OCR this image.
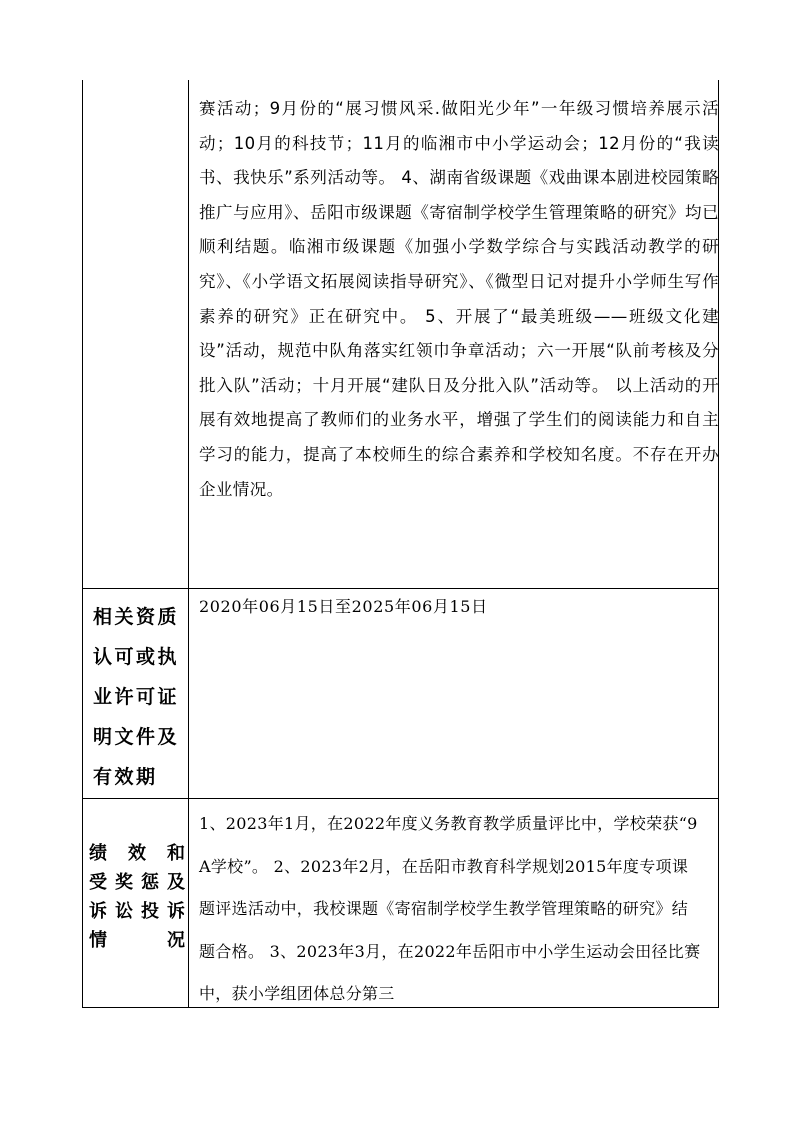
赛活动；9月份的“展习惯风采.做阳光少年”一年级习惯培养展示活动；10月的科技节；11月的临湘市中小学运动会；12月份的“我读书、我快乐”系列活动等。 4、湖南省级课题《戏曲课本剧进校园策略推广与应用》、岳阳市级课题《寄宿制学校学生管理策略的研究》均已顺利结题。临湘市级课题《加强小学数学综合与实践活动教学的研究》、《小学语文拓展阅读指导研究》、《微型日记对提升小学师生写作素养的研究》正在研究中。 5、开展了“最美班级——班级文化建设”活动，规范中队角落实红领巾争章活动；六一开展“队前考核及分批入队”活动；十月开展“建队日及分批入队”活动等。 以上活动的开展有效地提高了教师们的业务水平，增强了学生们的阅读能力和自主学习的能力，提高了本校师生的综合素养和学校知名度。不存在开办企业情况。
相关资质认可或执业许可证明文件及有效期
2020年06月15日至2025年06月15日
绩效和
受奖惩及
诉讼投诉
情况
1、2023年1月，在2022年度义务教育教学质量评比中，学校荣获“9A学校”。 2、2023年2月，在岳阳市教育科学规划2015年度专项课题评选活动中，我校课题《寄宿制学校学生教学管理策略的研究》结题合格。 3、2023年3月，在2022年岳阳市中小学生运动会田径比赛中，获小学组团体总分第三
